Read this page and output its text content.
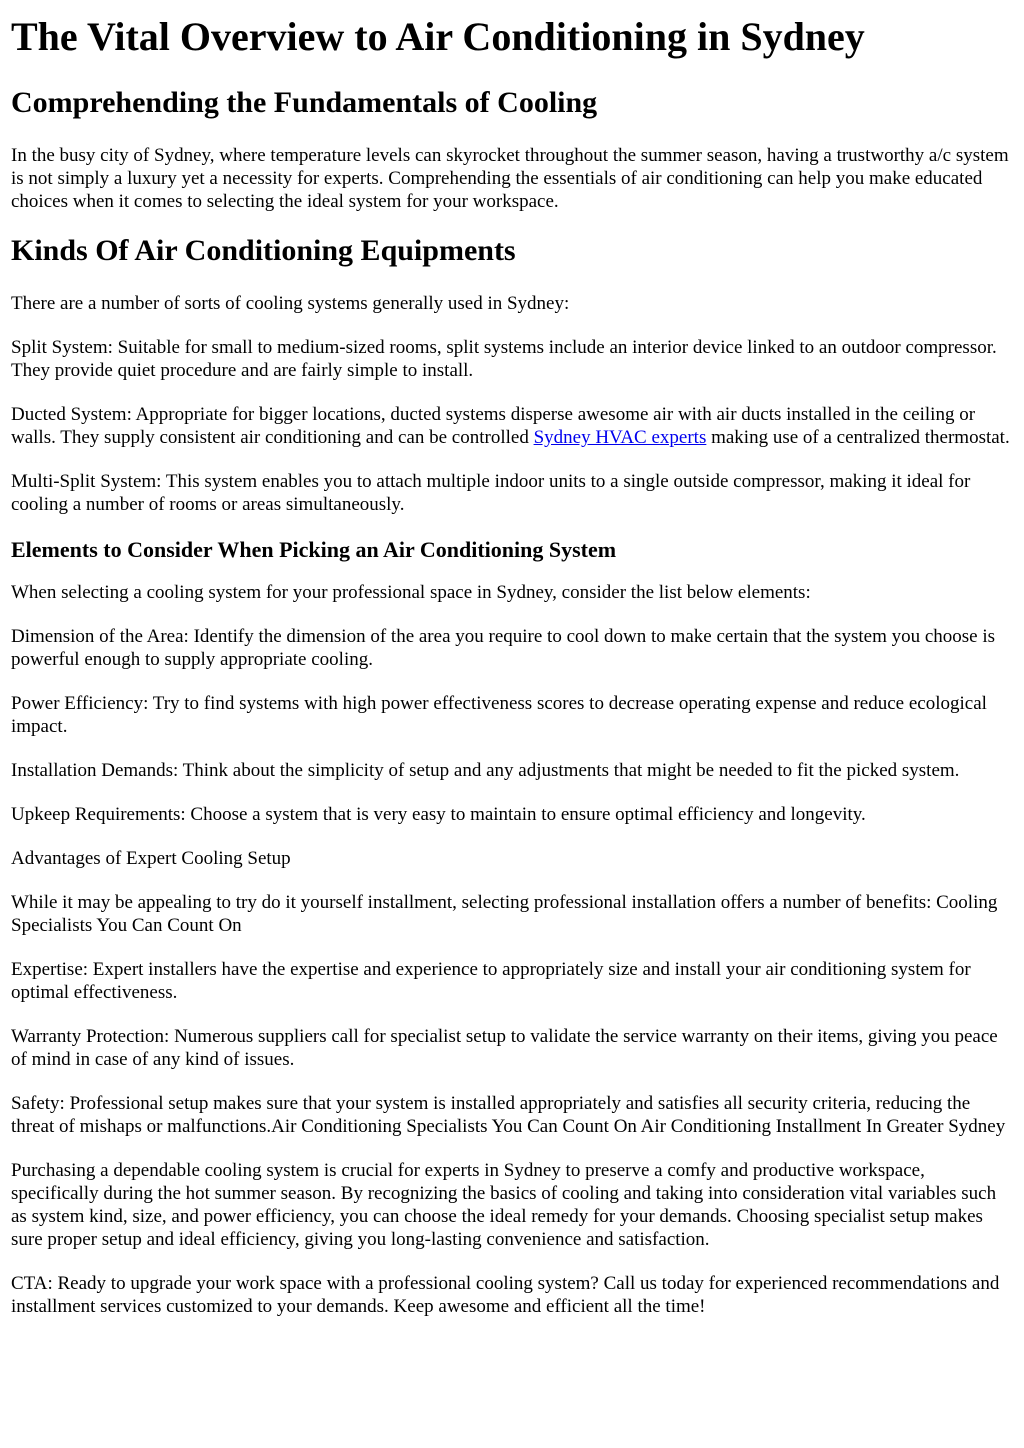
The Vital Overview to Air Conditioning in Sydney
Comprehending the Fundamentals of Cooling

In the busy city of Sydney, where temperature levels can skyrocket throughout the summer season, having a trustworthy a/c system is not simply a luxury yet a necessity for experts. Comprehending the essentials of air conditioning can help you make educated choices when it comes to selecting the ideal system for your workspace.

Kinds Of Air Conditioning Equipments

There are a number of sorts of cooling systems generally used in Sydney:

Split System: Suitable for small to medium-sized rooms, split systems include an interior device linked to an outdoor compressor. They provide quiet procedure and are fairly simple to install.

Ducted System: Appropriate for bigger locations, ducted systems disperse awesome air with air ducts installed in the ceiling or walls. They supply consistent air conditioning and can be controlled Sydney HVAC experts making use of a centralized thermostat.

Multi-Split System: This system enables you to attach multiple indoor units to a single outside compressor, making it ideal for cooling a number of rooms or areas simultaneously.

Elements to Consider When Picking an Air Conditioning System

When selecting a cooling system for your professional space in Sydney, consider the list below elements:

Dimension of the Area: Identify the dimension of the area you require to cool down to make certain that the system you choose is powerful enough to supply appropriate cooling.

Power Efficiency: Try to find systems with high power effectiveness scores to decrease operating expense and reduce ecological impact.

Installation Demands: Think about the simplicity of setup and any adjustments that might be needed to fit the picked system.

Upkeep Requirements: Choose a system that is very easy to maintain to ensure optimal efficiency and longevity.

Advantages of Expert Cooling Setup

While it may be appealing to try do it yourself installment, selecting professional installation offers a number of benefits: Cooling Specialists You Can Count On

Expertise: Expert installers have the expertise and experience to appropriately size and install your air conditioning system for optimal effectiveness.

Warranty Protection: Numerous suppliers call for specialist setup to validate the service warranty on their items, giving you peace of mind in case of any kind of issues.

Safety: Professional setup makes sure that your system is installed appropriately and satisfies all security criteria, reducing the threat of mishaps or malfunctions.Air Conditioning Specialists You Can Count On Air Conditioning Installment In Greater Sydney

Purchasing a dependable cooling system is crucial for experts in Sydney to preserve a comfy and productive workspace, specifically during the hot summer season. By recognizing the basics of cooling and taking into consideration vital variables such as system kind, size, and power efficiency, you can choose the ideal remedy for your demands. Choosing specialist setup makes sure proper setup and ideal efficiency, giving you long-lasting convenience and satisfaction.

CTA: Ready to upgrade your work space with a professional cooling system? Call us today for experienced recommendations and installment services customized to your demands. Keep awesome and efficient all the time!
